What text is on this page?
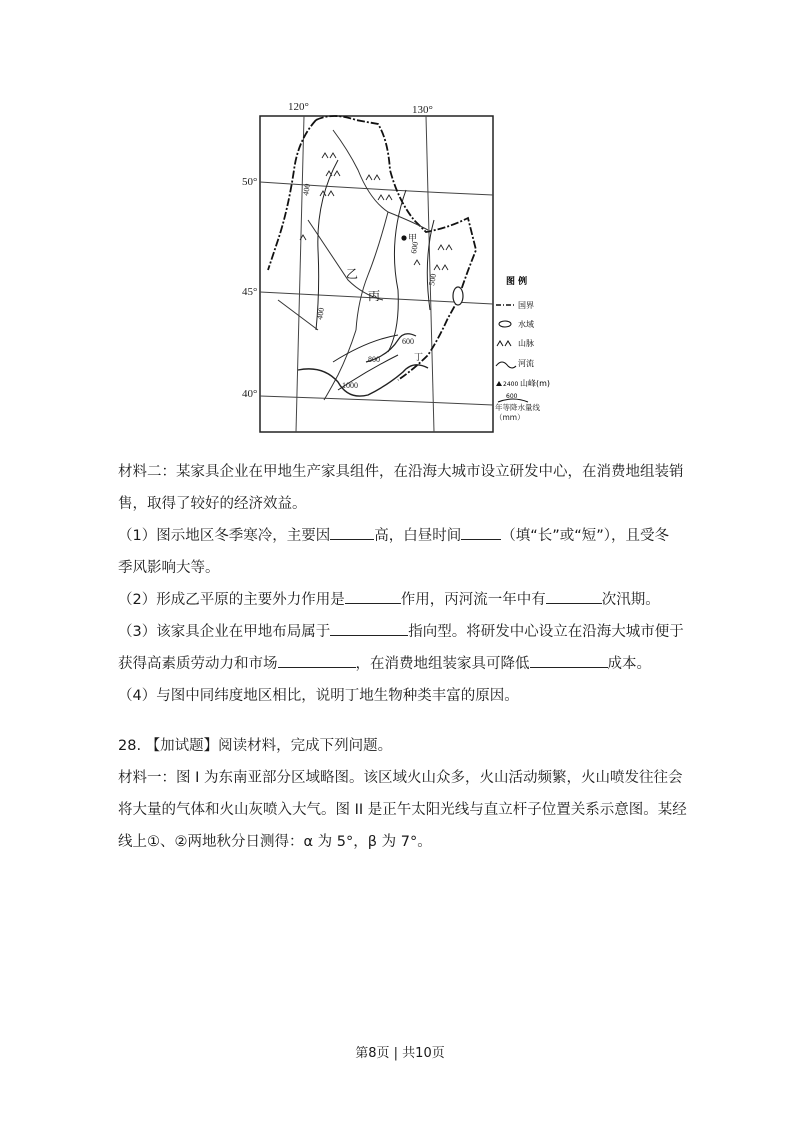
400
600
400
600
800
1000
500
甲
乙
丙
丁
图 例
国界
水域
山脉
河流
2400 山峰(m)
600
年等降水量线（mm）
120°	130°
50°
45°
40°
材料二：某家具企业在甲地生产家具组件，在沿海大城市设立研发中心，在消费地组装销
售，取得了较好的经济效益。
（1）图示地区冬季寒冷，主要因	高，白昼时间	（填“长”或“短”），且受冬
季风影响大等。
（2）形成乙平原的主要外力作用是	作用，丙河流一年中有	次汛期。
（3）该家具企业在甲地布局属于	指向型。将研发中心设立在沿海大城市便于
获得高素质劳动力和市场	，在消费地组装家具可降低	成本。
（4）与图中同纬度地区相比，说明丁地生物种类丰富的原因。
28. 【加试题】阅读材料，完成下列问题。
材料一：图 I 为东南亚部分区域略图。该区域火山众多，火山活动频繁，火山喷发往往会
将大量的气体和火山灰喷入大气。图 II 是正午太阳光线与直立杆子位置关系示意图。某经
线上①、②两地秋分日测得：α 为 5°，β 为 7°。
第8页 | 共10页
